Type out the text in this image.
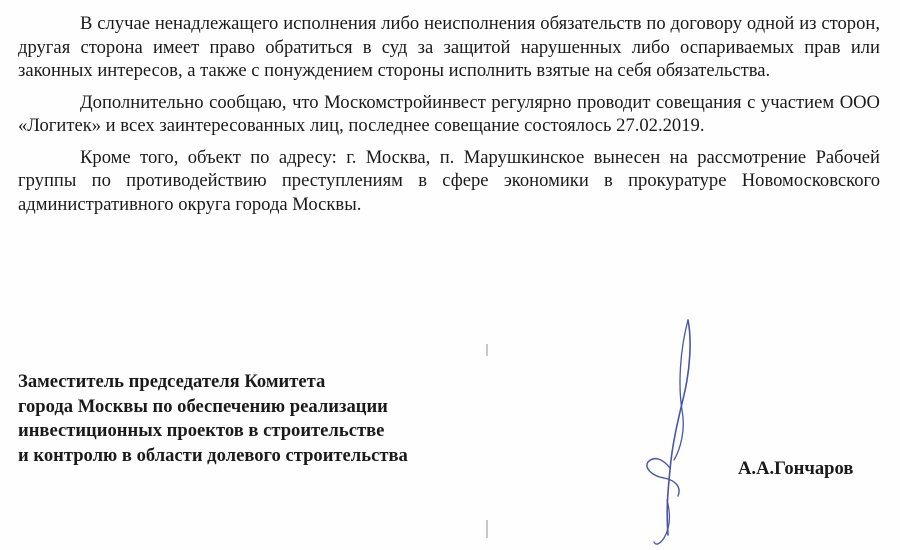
В случае ненадлежащего исполнения либо неисполнения обязательств по договору одной из сторон, другая сторона имеет право обратиться в суд за защитой нарушенных либо оспариваемых прав или законных интересов, а также с понуждением стороны исполнить взятые на себя обязательства.

Дополнительно сообщаю, что Москомстройинвест регулярно проводит совещания с участием ООО «Логитек» и всех заинтересованных лиц, последнее совещание состоялось 27.02.2019.

Кроме того, объект по адресу: г. Москва, п. Марушкинское вынесен на рассмотрение Рабочей группы по противодействию преступлениям в сфере экономики в прокуратуре Новомосковского административного округа города Москвы.

Заместитель председателя Комитета
города Москвы по обеспечению реализации
инвестиционных проектов в строительстве
и контролю в области долевого строительства
А.А.Гончаров
